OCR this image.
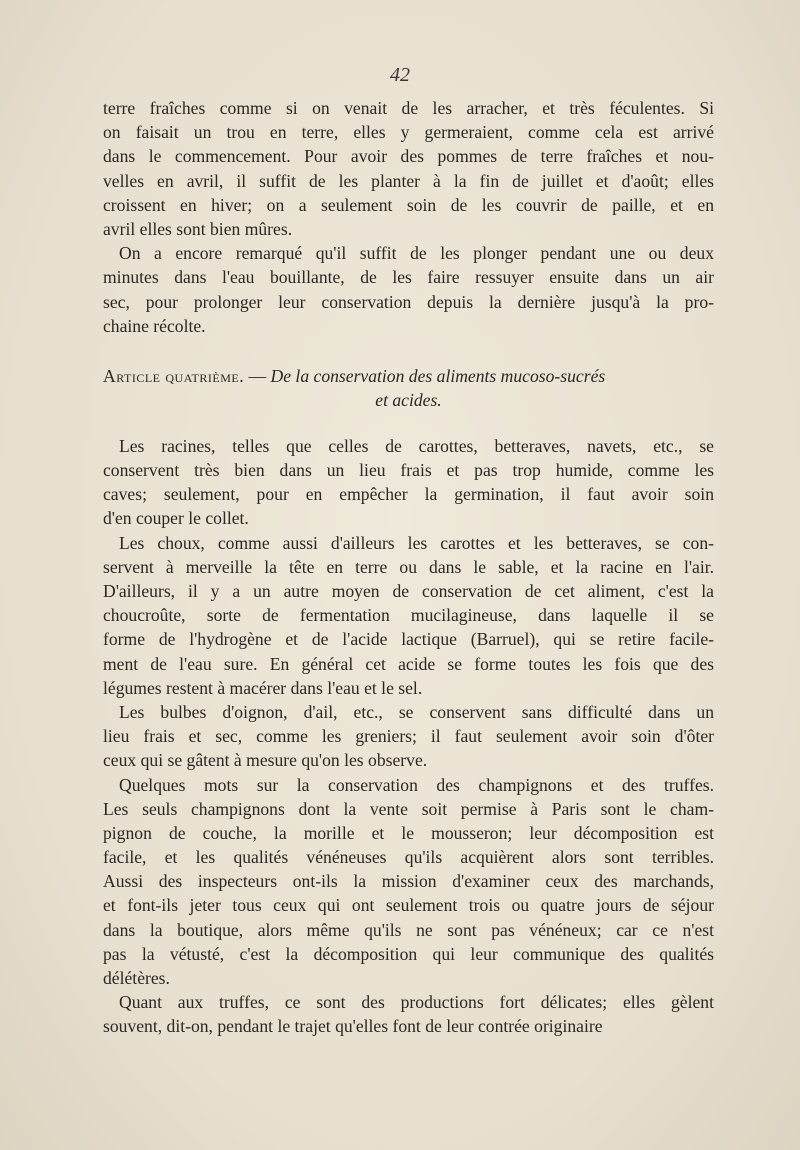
42
terre fraîches comme si on venait de les arracher, et très féculentes. Si
on faisait un trou en terre, elles y germeraient, comme cela est arrivé
dans le commencement. Pour avoir des pommes de terre fraîches et nou-
velles en avril, il suffit de les planter à la fin de juillet et d'août; elles
croissent en hiver; on a seulement soin de les couvrir de paille, et en
avril elles sont bien mûres.
On a encore remarqué qu'il suffit de les plonger pendant une ou deux
minutes dans l'eau bouillante, de les faire ressuyer ensuite dans un air
sec, pour prolonger leur conservation depuis la dernière jusqu'à la pro-
chaine récolte.
Article quatrième. — De la conservation des aliments mucoso-sucrés
et acides.
Les racines, telles que celles de carottes, betteraves, navets, etc., se
conservent très bien dans un lieu frais et pas trop humide, comme les
caves; seulement, pour en empêcher la germination, il faut avoir soin
d'en couper le collet.
Les choux, comme aussi d'ailleurs les carottes et les betteraves, se con-
servent à merveille la tête en terre ou dans le sable, et la racine en l'air.
D'ailleurs, il y a un autre moyen de conservation de cet aliment, c'est la
choucroûte, sorte de fermentation mucilagineuse, dans laquelle il se
forme de l'hydrogène et de l'acide lactique (Barruel), qui se retire facile-
ment de l'eau sure. En général cet acide se forme toutes les fois que des
légumes restent à macérer dans l'eau et le sel.
Les bulbes d'oignon, d'ail, etc., se conservent sans difficulté dans un
lieu frais et sec, comme les greniers; il faut seulement avoir soin d'ôter
ceux qui se gâtent à mesure qu'on les observe.
Quelques mots sur la conservation des champignons et des truffes.
Les seuls champignons dont la vente soit permise à Paris sont le cham-
pignon de couche, la morille et le mousseron; leur décomposition est
facile, et les qualités vénéneuses qu'ils acquièrent alors sont terribles.
Aussi des inspecteurs ont-ils la mission d'examiner ceux des marchands,
et font-ils jeter tous ceux qui ont seulement trois ou quatre jours de séjour
dans la boutique, alors même qu'ils ne sont pas vénéneux; car ce n'est
pas la vétusté, c'est la décomposition qui leur communique des qualités
délétères.
Quant aux truffes, ce sont des productions fort délicates; elles gèlent
souvent, dit-on, pendant le trajet qu'elles font de leur contrée originaire
